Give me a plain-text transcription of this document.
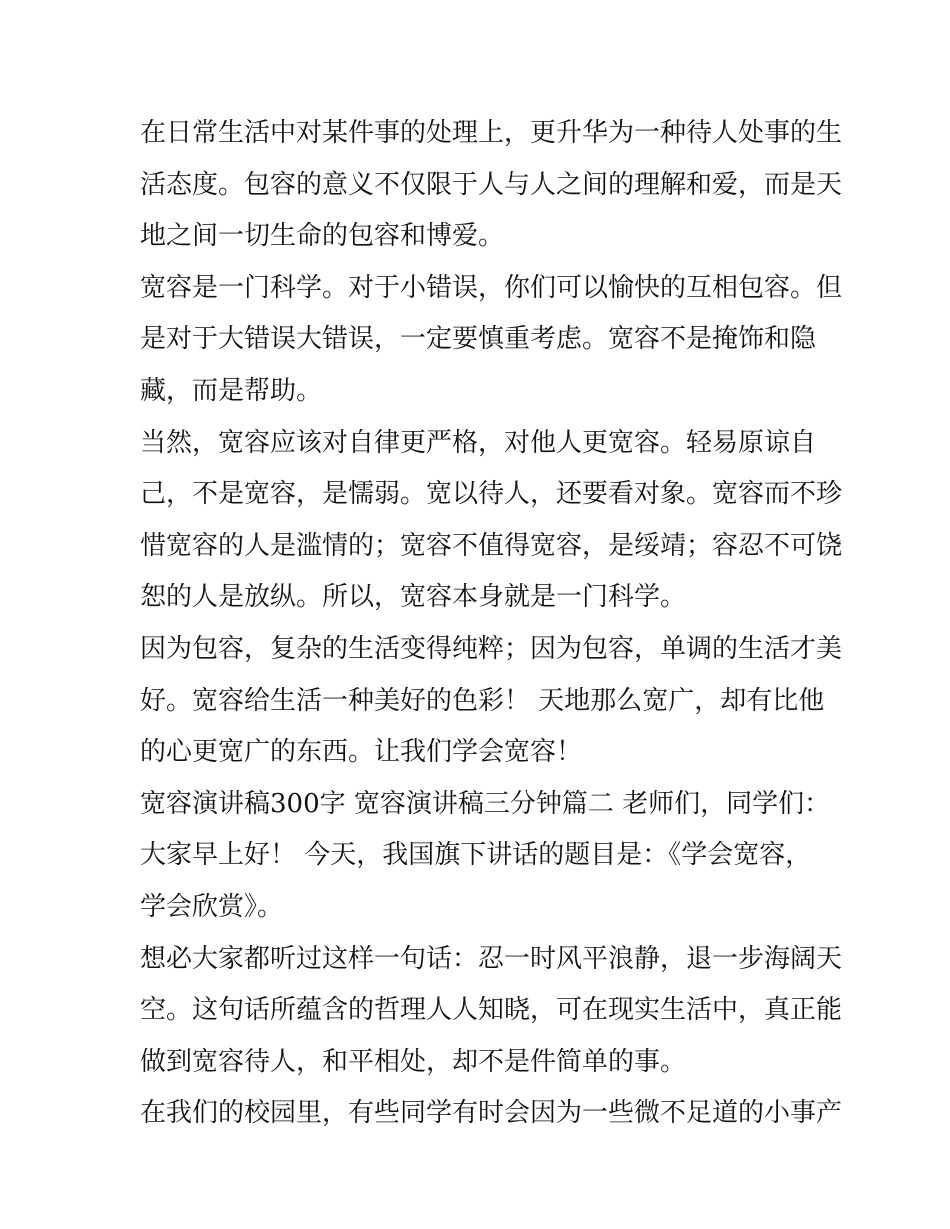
在日常生活中对某件事的处理上，更升华为一种待人处事的生
活态度。包容的意义不仅限于人与人之间的理解和爱，而是天
地之间一切生命的包容和博爱。
宽容是一门科学。对于小错误，你们可以愉快的互相包容。但
是对于大错误大错误，一定要慎重考虑。宽容不是掩饰和隐
藏，而是帮助。
当然，宽容应该对自律更严格，对他人更宽容。轻易原谅自
己，不是宽容，是懦弱。宽以待人，还要看对象。宽容而不珍
惜宽容的人是滥情的；宽容不值得宽容，是绥靖；容忍不可饶
恕的人是放纵。所以，宽容本身就是一门科学。
因为包容，复杂的生活变得纯粹；因为包容，单调的生活才美
好。宽容给生活一种美好的色彩！ 天地那么宽广，却有比他
的心更宽广的东西。让我们学会宽容！
宽容演讲稿300字 宽容演讲稿三分钟篇二 老师们，同学们：
大家早上好！ 今天，我国旗下讲话的题目是：《学会宽容，
学会欣赏》。
想必大家都听过这样一句话：忍一时风平浪静，退一步海阔天
空。这句话所蕴含的哲理人人知晓，可在现实生活中，真正能
做到宽容待人，和平相处，却不是件简单的事。
在我们的校园里，有些同学有时会因为一些微不足道的小事产
